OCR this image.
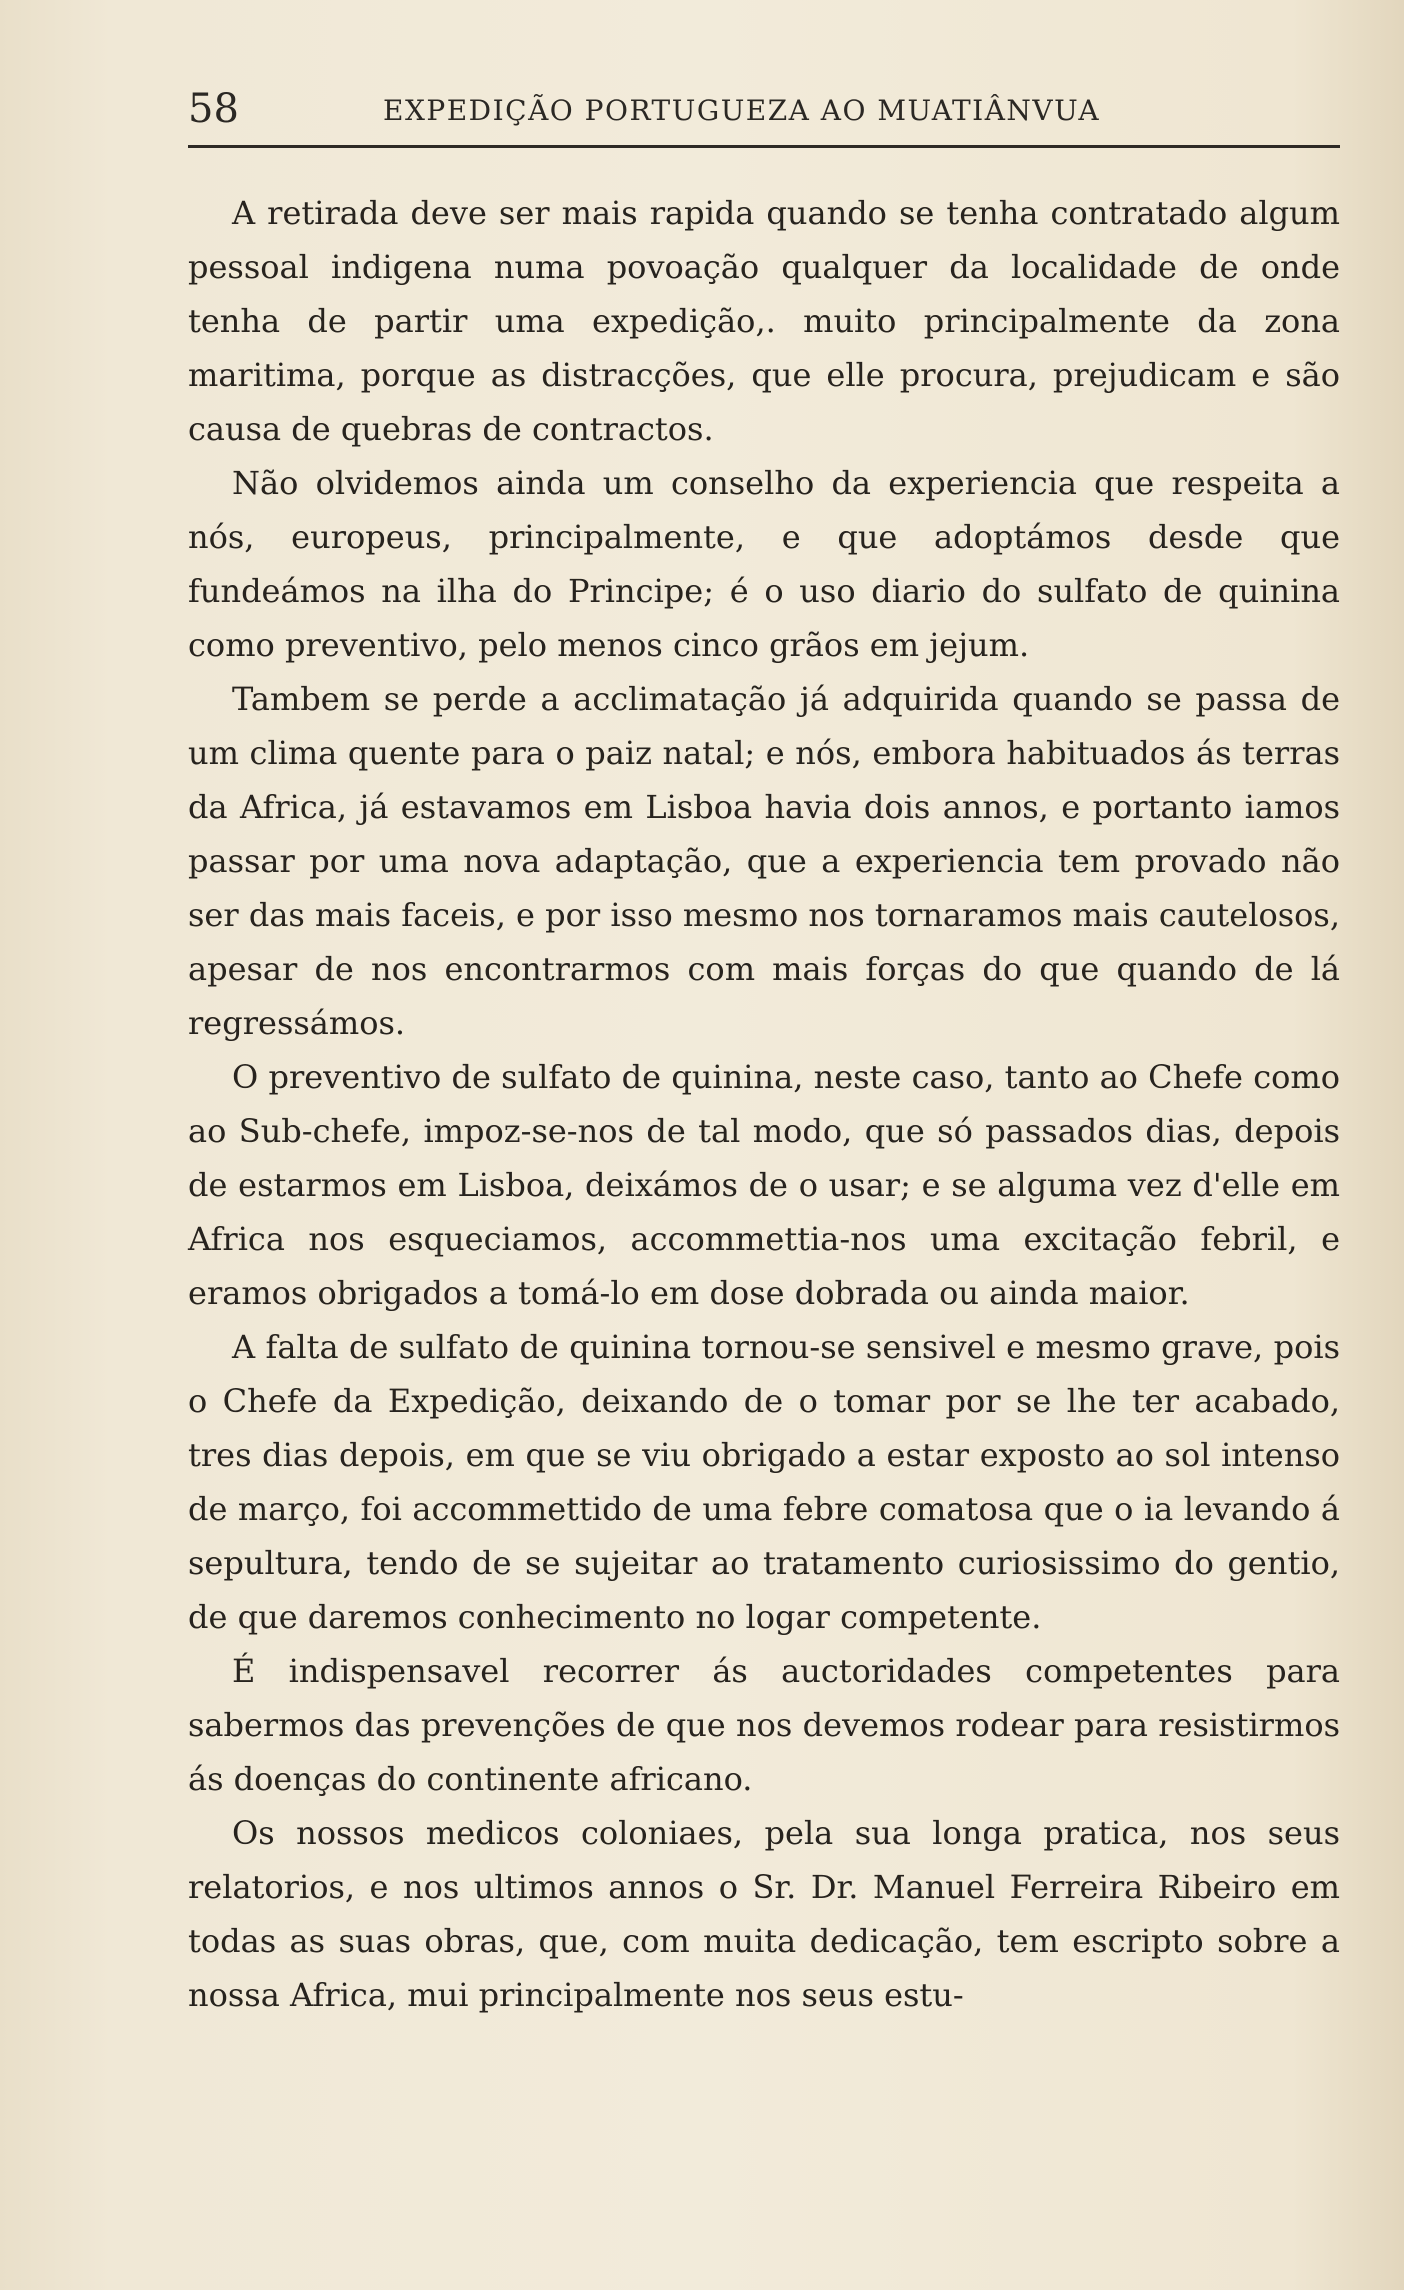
58	EXPEDIÇÃO PORTUGUEZA AO MUATIÂNVUA

A retirada deve ser mais rapida quando se tenha contratado algum pessoal indigena numa povoação qualquer da localidade de onde tenha de partir uma expedição,. muito principalmente da zona maritima, porque as distracções, que elle procura, prejudicam e são causa de quebras de contractos.

Não olvidemos ainda um conselho da experiencia que respeita a nós, europeus, principalmente, e que adoptámos desde que fundeámos na ilha do Principe; é o uso diario do sulfato de quinina como preventivo, pelo menos cinco grãos em jejum.

Tambem se perde a acclimatação já adquirida quando se passa de um clima quente para o paiz natal; e nós, embora habituados ás terras da Africa, já estavamos em Lisboa havia dois annos, e portanto iamos passar por uma nova adaptação, que a experiencia tem provado não ser das mais faceis, e por isso mesmo nos tornaramos mais cautelosos, apesar de nos encontrarmos com mais forças do que quando de lá regressámos.

O preventivo de sulfato de quinina, neste caso, tanto ao Chefe como ao Sub-chefe, impoz-se-nos de tal modo, que só passados dias, depois de estarmos em Lisboa, deixámos de o usar; e se alguma vez d'elle em Africa nos esqueciamos, accommettia-nos uma excitação febril, e eramos obrigados a tomá-lo em dose dobrada ou ainda maior.

A falta de sulfato de quinina tornou-se sensivel e mesmo grave, pois o Chefe da Expedição, deixando de o tomar por se lhe ter acabado, tres dias depois, em que se viu obrigado a estar exposto ao sol intenso de março, foi accommettido de uma febre comatosa que o ia levando á sepultura, tendo de se sujeitar ao tratamento curiosissimo do gentio, de que daremos conhecimento no logar competente.

É indispensavel recorrer ás auctoridades competentes para sabermos das prevenções de que nos devemos rodear para resistirmos ás doenças do continente africano.

Os nossos medicos coloniaes, pela sua longa pratica, nos seus relatorios, e nos ultimos annos o Sr. Dr. Manuel Ferreira Ribeiro em todas as suas obras, que, com muita dedicação, tem escripto sobre a nossa Africa, mui principalmente nos seus estu-
